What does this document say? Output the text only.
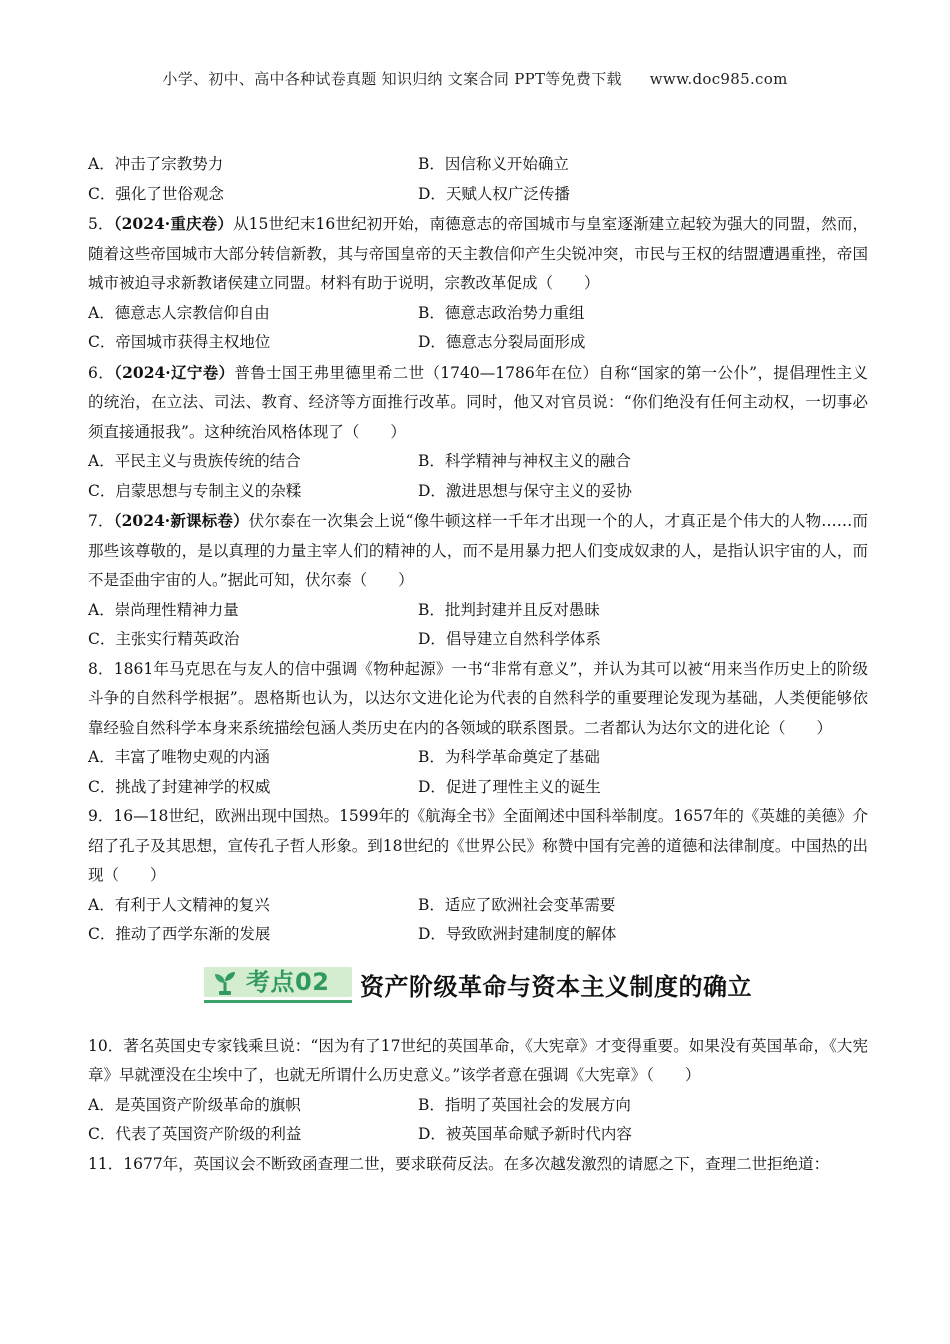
小学、初中、高中各种试卷真题 知识归纳 文案合同 PPT等免费下载 www.doc985.com
A．冲击了宗教势力	B．因信称义开始确立
C．强化了世俗观念	D．天赋人权广泛传播
5．（2024·重庆卷）从15世纪末16世纪初开始，南德意志的帝国城市与皇室逐渐建立起较为强大的同盟，然而，随着这些帝国城市大部分转信新教，其与帝国皇帝的天主教信仰产生尖锐冲突，市民与王权的结盟遭遇重挫，帝国城市被迫寻求新教诸侯建立同盟。材料有助于说明，宗教改革促成（　　）
A．德意志人宗教信仰自由	B．德意志政治势力重组
C．帝国城市获得主权地位	D．德意志分裂局面形成
6．（2024·辽宁卷）普鲁士国王弗里德里希二世（1740—1786年在位）自称“国家的第一公仆”，提倡理性主义的统治，在立法、司法、教育、经济等方面推行改革。同时，他又对官员说：“你们绝没有任何主动权，一切事必须直接通报我”。这种统治风格体现了（　　）
A．平民主义与贵族传统的结合	B．科学精神与神权主义的融合
C．启蒙思想与专制主义的杂糅	D．激进思想与保守主义的妥协
7．（2024·新课标卷）伏尔泰在一次集会上说“像牛顿这样一千年才出现一个的人，才真正是个伟大的人物……而那些该尊敬的，是以真理的力量主宰人们的精神的人，而不是用暴力把人们变成奴隶的人，是指认识宇宙的人，而不是歪曲宇宙的人。”据此可知，伏尔泰（　　）
A．崇尚理性精神力量	B．批判封建并且反对愚昧
C．主张实行精英政治	D．倡导建立自然科学体系
8．1861年马克思在与友人的信中强调《物种起源》一书“非常有意义”，并认为其可以被“用来当作历史上的阶级斗争的自然科学根据”。恩格斯也认为，以达尔文进化论为代表的自然科学的重要理论发现为基础，人类便能够依靠经验自然科学本身来系统描绘包涵人类历史在内的各领域的联系图景。二者都认为达尔文的进化论（　　）
A．丰富了唯物史观的内涵	B．为科学革命奠定了基础
C．挑战了封建神学的权威	D．促进了理性主义的诞生
9．16—18世纪，欧洲出现中国热。1599年的《航海全书》全面阐述中国科举制度。1657年的《英雄的美德》介绍了孔子及其思想，宣传孔子哲人形象。到18世纪的《世界公民》称赞中国有完善的道德和法律制度。中国热的出现（　　）
A．有利于人文精神的复兴	B．适应了欧洲社会变革需要
C．推动了西学东渐的发展	D．导致欧洲封建制度的解体
考点02 资产阶级革命与资本主义制度的确立
10．著名英国史专家钱乘旦说：“因为有了17世纪的英国革命，《大宪章》才变得重要。如果没有英国革命，《大宪章》早就湮没在尘埃中了，也就无所谓什么历史意义。”该学者意在强调《大宪章》（　　）
A．是英国资产阶级革命的旗帜	B．指明了英国社会的发展方向
C．代表了英国资产阶级的利益	D．被英国革命赋予新时代内容
11．1677年，英国议会不断致函查理二世，要求联荷反法。在多次越发激烈的请愿之下，查理二世拒绝道：
